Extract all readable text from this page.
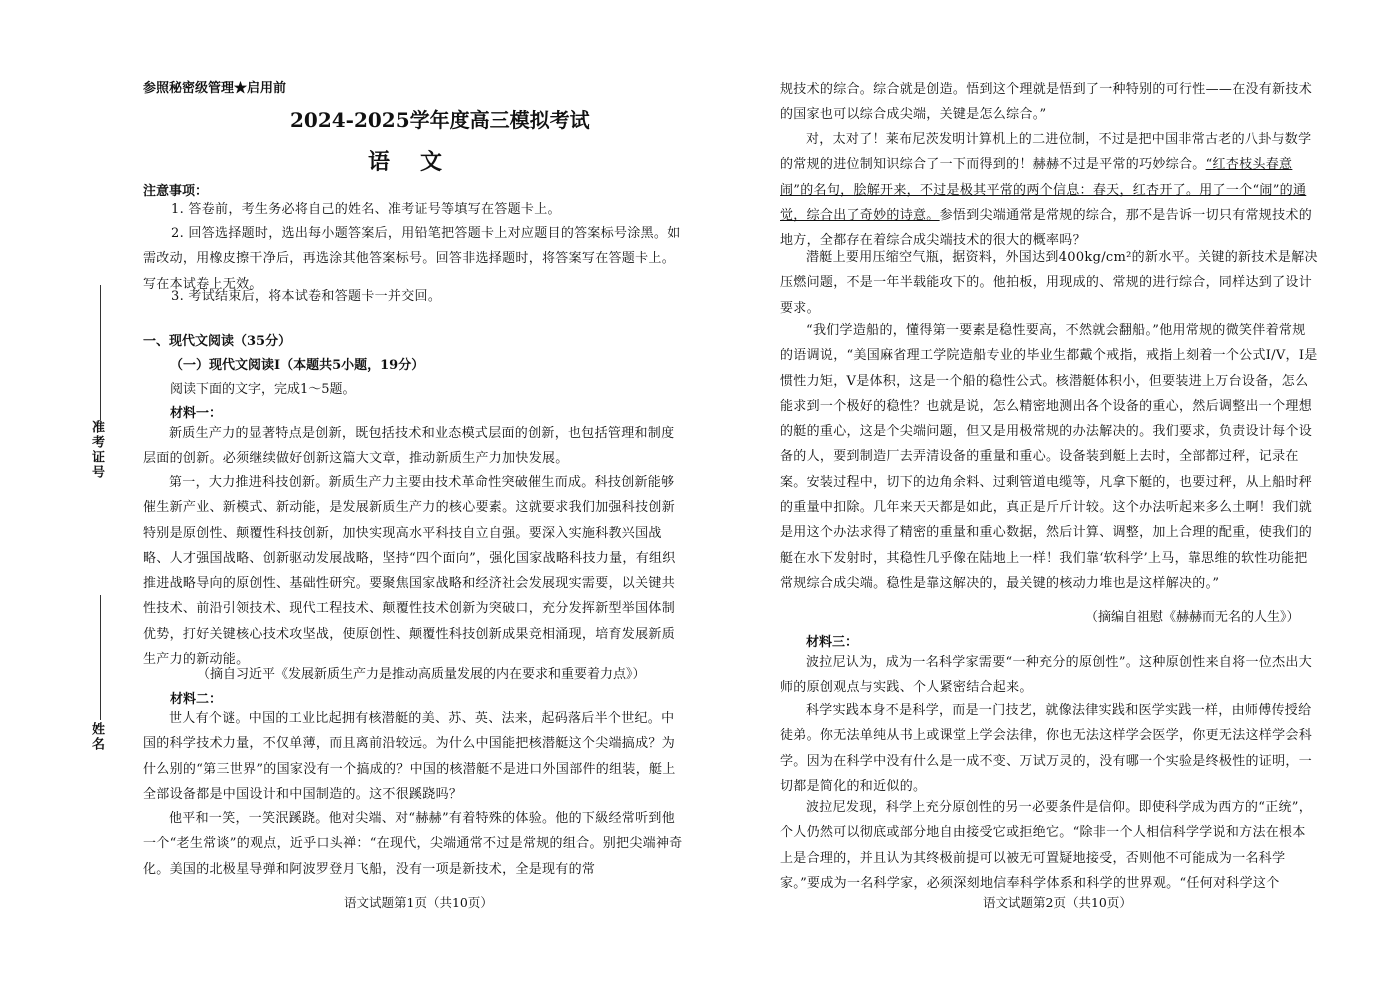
参照秘密级管理★启用前
2024-2025学年度高三模拟考试
语　文
注意事项：
1. 答卷前，考生务必将自己的姓名、准考证号等填写在答题卡上。
2. 回答选择题时，选出每小题答案后，用铅笔把答题卡上对应题目的答案标号涂黑。如需改动，用橡皮擦干净后，再选涂其他答案标号。回答非选择题时，将答案写在答题卡上。写在本试卷上无效。
3. 考试结束后，将本试卷和答题卡一并交回。
一、现代文阅读（35分）
（一）现代文阅读Ⅰ（本题共5小题，19分）
阅读下面的文字，完成1～5题。
材料一：
新质生产力的显著特点是创新，既包括技术和业态模式层面的创新，也包括管理和制度层面的创新。必须继续做好创新这篇大文章，推动新质生产力加快发展。
第一，大力推进科技创新。新质生产力主要由技术革命性突破催生而成。科技创新能够催生新产业、新模式、新动能，是发展新质生产力的核心要素。这就要求我们加强科技创新特别是原创性、颠覆性科技创新，加快实现高水平科技自立自强。要深入实施科教兴国战略、人才强国战略、创新驱动发展战略，坚持“四个面向”，强化国家战略科技力量，有组织推进战略导向的原创性、基础性研究。要聚焦国家战略和经济社会发展现实需要，以关键共性技术、前沿引领技术、现代工程技术、颠覆性技术创新为突破口，充分发挥新型举国体制优势，打好关键核心技术攻坚战，使原创性、颠覆性科技创新成果竞相涌现，培育发展新质生产力的新动能。
（摘自习近平《发展新质生产力是推动高质量发展的内在要求和重要着力点》）
材料二：
世人有个谜。中国的工业比起拥有核潜艇的美、苏、英、法来，起码落后半个世纪。中国的科学技术力量，不仅单薄，而且离前沿较远。为什么中国能把核潜艇这个尖端搞成？为什么别的“第三世界”的国家没有一个搞成的？中国的核潜艇不是进口外国部件的组装，艇上全部设备都是中国设计和中国制造的。这不很蹊跷吗？
他平和一笑，一笑泯蹊跷。他对尖端、对“赫赫”有着特殊的体验。他的下級经常听到他一个“老生常谈”的观点，近乎口头禅：“在现代，尖端通常不过是常规的组合。别把尖端神奇化。美国的北极星导弹和阿波罗登月飞船，没有一项是新技术，全是现有的常
准考证号
姓名
语文试题第1页（共10页）
规技术的综合。综合就是创造。悟到这个理就是悟到了一种特别的可行性——在没有新技术的国家也可以综合成尖端，关键是怎么综合。”
对，太对了！莱布尼茨发明计算机上的二进位制，不过是把中国非常古老的八卦与数学的常规的进位制知识综合了一下而得到的！赫赫不过是平常的巧妙综合。“红杏枝头春意闹”的名句，脍解开来，不过是极其平常的两个信息：春天，红杏开了。用了一个“闹”的通觉，综合出了奇妙的诗意。参悟到尖端通常是常规的综合，那不是告诉一切只有常规技术的地方，全都存在着综合成尖端技术的很大的概率吗？
潜艇上要用压缩空气瓶，据资料，外国达到400kg/cm²的新水平。关键的新技术是解决压燃问题，不是一年半载能攻下的。他拍板，用现成的、常规的进行综合，同样达到了设计要求。
“我们学造船的，懂得第一要素是稳性要高，不然就会翻船。”他用常规的微笑伴着常规的语调说，“美国麻省理工学院造船专业的毕业生都戴个戒指，戒指上刻着一个公式I/V，I是惯性力矩，V是体积，这是一个船的稳性公式。核潜艇体积小，但要装进上万台设备，怎么能求到一个极好的稳性？也就是说，怎么精密地测出各个设备的重心，然后调整出一个理想的艇的重心，这是个尖端问题，但又是用极常规的办法解决的。我们要求，负责设计每个设备的人，要到制造厂去弄清设备的重量和重心。设备装到艇上去时，全部都过秤，记录在案。安装过程中，切下的边角余料、过剩管道电缆等，凡拿下艇的，也要过秤，从上船时秤的重量中扣除。几年来天天都是如此，真正是斤斤计较。这个办法听起来多么土啊！我们就是用这个办法求得了精密的重量和重心数据，然后计算、调整，加上合理的配重，使我们的艇在水下发射时，其稳性几乎像在陆地上一样！我们靠‘软科学’上马，靠思维的软性功能把常规综合成尖端。稳性是靠这解决的，最关键的核动力堆也是这样解决的。”
（摘编自祖慰《赫赫而无名的人生》）
材料三：
波拉尼认为，成为一名科学家需要“一种充分的原创性”。这种原创性来自将一位杰出大师的原创观点与实践、个人紧密结合起来。
科学实践本身不是科学，而是一门技艺，就像法律实践和医学实践一样，由师傅传授给徒弟。你无法单纯从书上或课堂上学会法律，你也无法这样学会医学，你更无法这样学会科学。因为在科学中没有什么是一成不变、万试万灵的，没有哪一个实验是终极性的证明，一切都是简化的和近似的。
波拉尼发现，科学上充分原创性的另一必要条件是信仰。即使科学成为西方的“正统”，个人仍然可以彻底或部分地自由接受它或拒绝它。“除非一个人相信科学学说和方法在根本上是合理的，并且认为其终极前提可以被无可置疑地接受，否则他不可能成为一名科学家。”要成为一名科学家，必须深刻地信奉科学体系和科学的世界观。“任何对科学这个
语文试题第2页（共10页）
